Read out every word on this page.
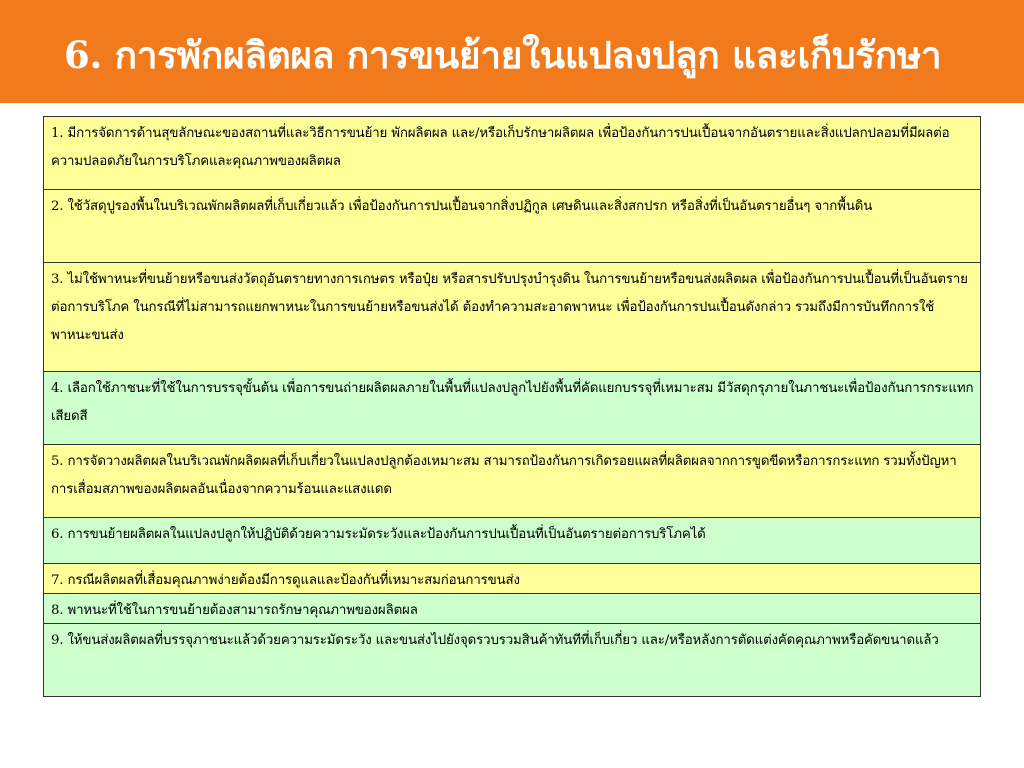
6. การพักผลิตผล การขนย้ายในแปลงปลูก และเก็บรักษา
1. มีการจัดการด้านสุขลักษณะของสถานที่และวิธีการขนย้าย พักผลิตผล และ/หรือเก็บรักษาผลิตผล เพื่อป้องกันการปนเปื้อนจากอันตรายและสิ่งแปลกปลอมที่มีผลต่อความปลอดภัยในการบริโภคและคุณภาพของผลิตผล
2. ใช้วัสดุปูรองพื้นในบริเวณพักผลิตผลที่เก็บเกี่ยวแล้ว เพื่อป้องกันการปนเปื้อนจากสิ่งปฏิกูล เศษดินและสิ่งสกปรก หรือสิ่งที่เป็นอันตรายอื่นๆ จากพื้นดิน
3. ไม่ใช้พาหนะที่ขนย้ายหรือขนส่งวัตถุอันตรายทางการเกษตร หรือปุ๋ย หรือสารปรับปรุงบำรุงดิน ในการขนย้ายหรือขนส่งผลิตผล เพื่อป้องกันการปนเปื้อนที่เป็นอันตรายต่อการบริโภค ในกรณีที่ไม่สามารถแยกพาหนะในการขนย้ายหรือขนส่งได้ ต้องทำความสะอาดพาหนะ เพื่อป้องกันการปนเปื้อนดังกล่าว รวมถึงมีการบันทึกการใช้พาหนะขนส่ง
4. เลือกใช้ภาชนะที่ใช้ในการบรรจุขั้นต้น เพื่อการขนถ่ายผลิตผลภายในพื้นที่แปลงปลูกไปยังพื้นที่คัดแยกบรรจุที่เหมาะสม มีวัสดุกรุภายในภาชนะเพื่อป้องกันการกระแทกเสียดสี
5. การจัดวางผลิตผลในบริเวณพักผลิตผลที่เก็บเกี่ยวในแปลงปลูกต้องเหมาะสม สามารถป้องกันการเกิดรอยแผลที่ผลิตผลจากการขูดขีดหรือการกระแทก รวมทั้งปัญหาการเสื่อมสภาพของผลิตผลอันเนื่องจากความร้อนและแสงแดด
6. การขนย้ายผลิตผลในแปลงปลูกให้ปฏิบัติด้วยความระมัดระวังและป้องกันการปนเปื้อนที่เป็นอันตรายต่อการบริโภคได้
7. กรณีผลิตผลที่เสื่อมคุณภาพง่ายต้องมีการดูแลและป้องกันที่เหมาะสมก่อนการขนส่ง
8. พาหนะที่ใช้ในการขนย้ายต้องสามารถรักษาคุณภาพของผลิตผล
9. ให้ขนส่งผลิตผลที่บรรจุภาชนะแล้วด้วยความระมัดระวัง และขนส่งไปยังจุดรวบรวมสินค้าทันทีที่เก็บเกี่ยว และ/หรือหลังการตัดแต่งคัดคุณภาพหรือคัดขนาดแล้ว
